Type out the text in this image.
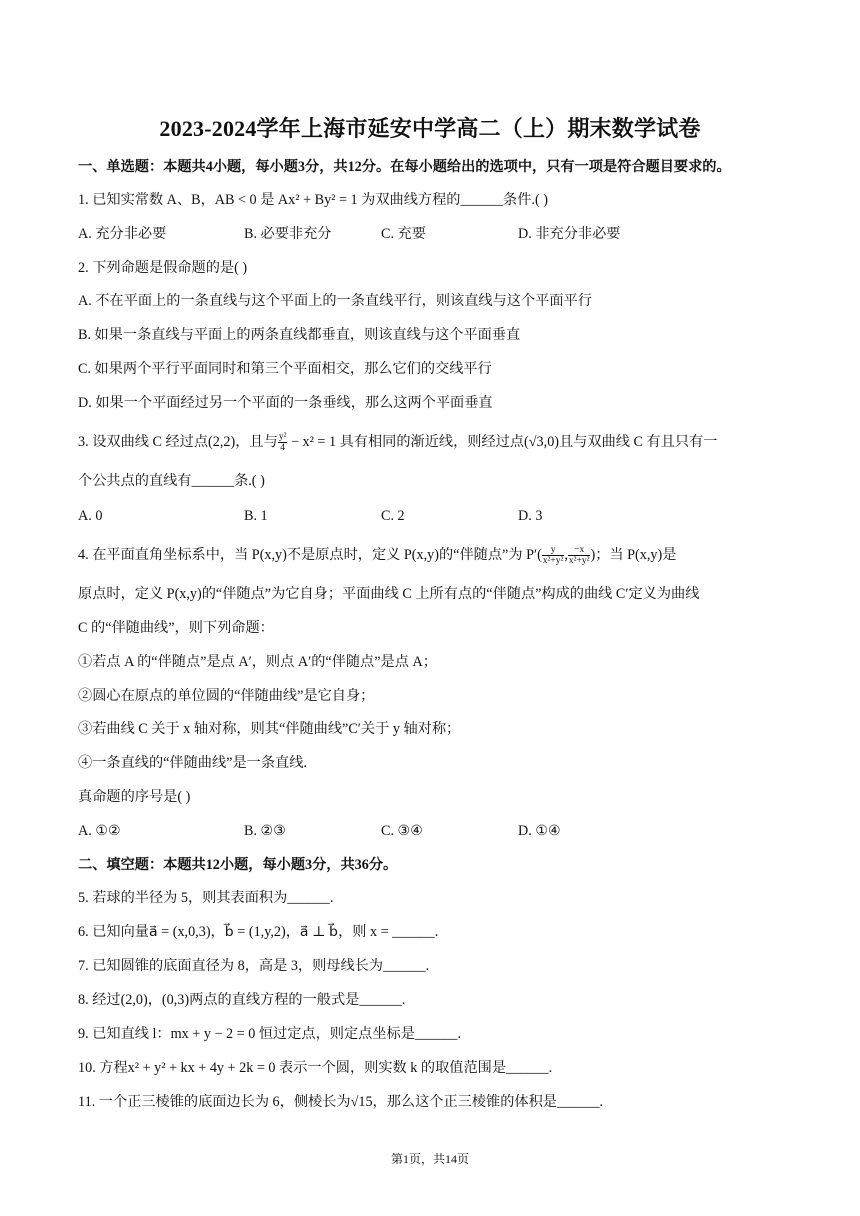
2023-2024学年上海市延安中学高二（上）期末数学试卷
一、单选题：本题共4小题，每小题3分，共12分。在每小题给出的选项中，只有一项是符合题目要求的。
1. 已知实常数 A、B，AB < 0 是 Ax² + By² = 1 为双曲线方程的______条件.( )
A. 充分非必要	B. 必要非充分	C. 充要	D. 非充分非必要
2. 下列命题是假命题的是( )
A. 不在平面上的一条直线与这个平面上的一条直线平行，则该直线与这个平面平行
B. 如果一条直线与平面上的两条直线都垂直，则该直线与这个平面垂直
C. 如果两个平行平面同时和第三个平面相交，那么它们的交线平行
D. 如果一个平面经过另一个平面的一条垂线，那么这两个平面垂直
3. 设双曲线 C 经过点(2,2)，且与 $\frac{\text{y²}}{4} - x^2 = 1$ 具有相同的渐近线，则经过点(√3,0)且与双曲线 C 有且只有一
个公共点的直线有______条.( )
A. 0	B. 1	C. 2	D. 3
4. 在平面直角坐标系中，当 P(x,y)不是原点时，定义 P(x,y)的“伴随点”为 $P'( \frac{y}{\text{x²+y²}}$ , $\frac{-x}{\text{x²+y²}}$ )；当 P(x,y)是
原点时，定义 P(x,y)的“伴随点”为它自身；平面曲线 C 上所有点的“伴随点”构成的曲线 C′定义为曲线
C 的“伴随曲线”，则下列命题：
①若点 A 的“伴随点”是点 A′，则点 A′的“伴随点”是点 A；
②圆心在原点的单位圆的“伴随曲线”是它自身；
③若曲线 C 关于 x 轴对称，则其“伴随曲线”C′关于 y 轴对称；
④一条直线的“伴随曲线”是一条直线.
真命题的序号是( )
A. ①②	B. ②③	C. ③④	D. ①④
二、填空题：本题共12小题，每小题3分，共36分。
5. 若球的半径为 5，则其表面积为______.
6. 已知向量a⃗ = (x,0,3)，b⃗ = (1,y,2)，a⃗ ⊥ b⃗，则 x = ______.
7. 已知圆锥的底面直径为 8，高是 3，则母线长为______.
8. 经过(2,0)，(0,3)两点的直线方程的一般式是______.
9. 已知直线 l：mx + y − 2 = 0 恒过定点，则定点坐标是______.
10. 方程x² + y² + kx + 4y + 2k = 0 表示一个圆，则实数 k 的取值范围是______.
11. 一个正三棱锥的底面边长为 6，侧棱长为√15，那么这个正三棱锥的体积是______.
第1页，共14页
